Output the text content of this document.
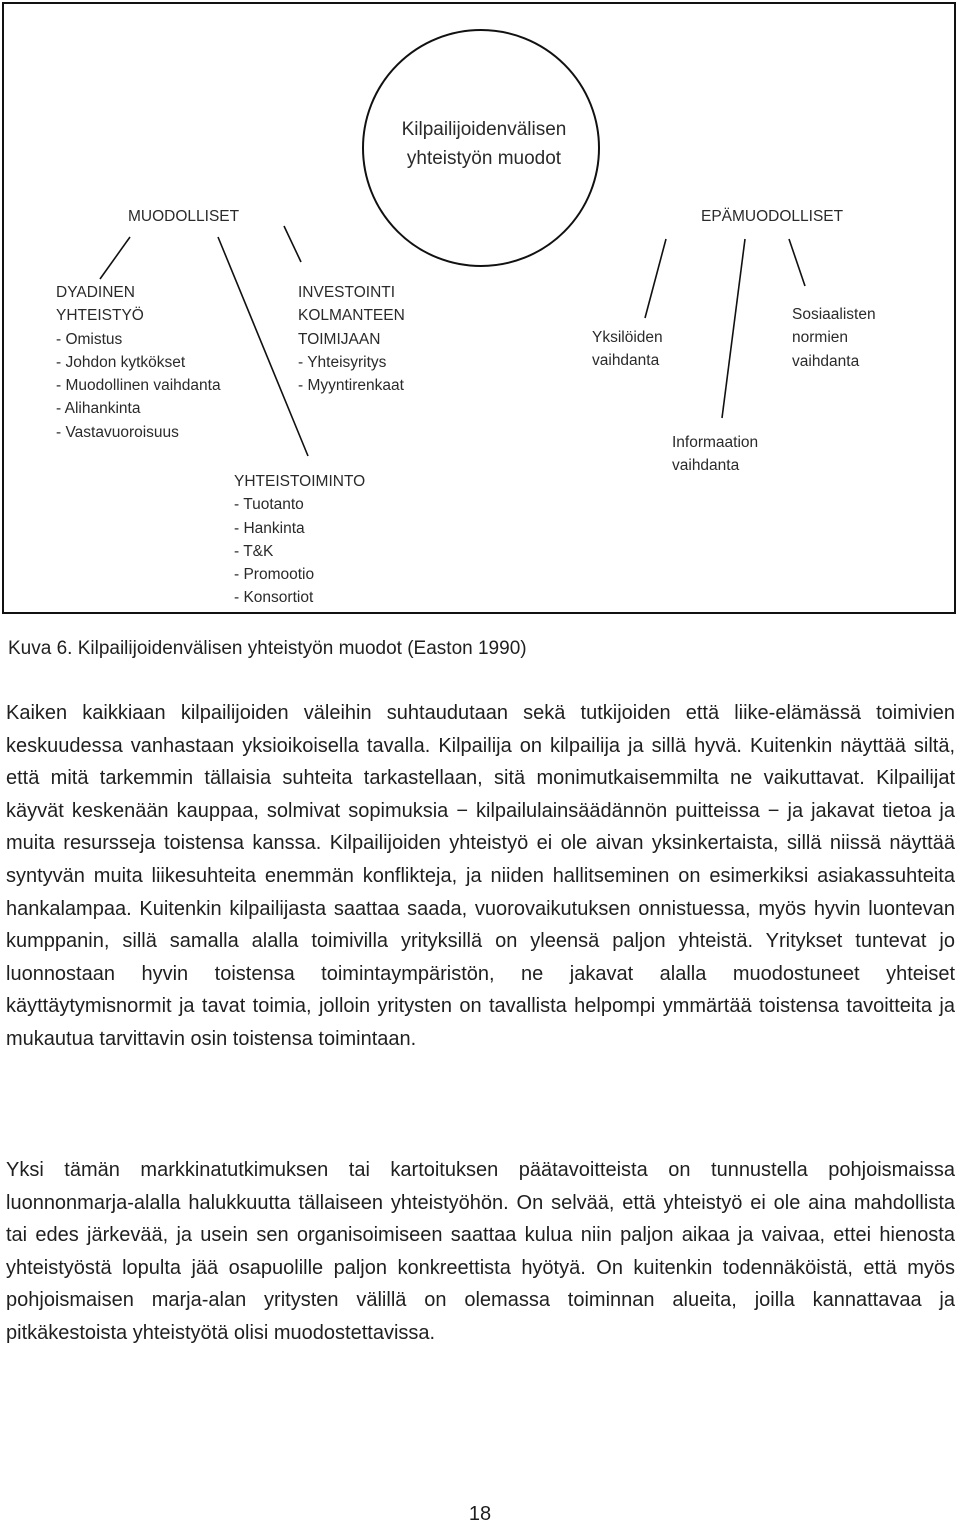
Kilpailijoidenvälisen yhteistyön muodot
MUODOLLISET	EPÄMUODOLLISET
DYADINEN
YHTEISTYÖ
- Omistus
- Johdon kytkökset
- Muodollinen vaihdanta
- Alihankinta
- Vastavuoroisuus
INVESTOINTI
KOLMANTEEN
TOIMIJAAN
- Yhteisyritys
- Myyntirenkaat
YHTEISTOIMINTO
- Tuotanto
- Hankinta
- T&K
- Promootio
- Konsortiot
Yksilöiden
vaihdanta
Informaation
vaihdanta
Sosiaalisten
normien
vaihdanta
Kuva 6. Kilpailijoidenvälisen yhteistyön muodot (Easton 1990)

Kaiken kaikkiaan kilpailijoiden väleihin suhtaudutaan sekä tutkijoiden että liike-elämässä toimivien keskuudessa vanhastaan yksioikoisella tavalla. Kilpailija on kilpailija ja sillä hyvä. Kuitenkin näyttää siltä, että mitä tarkemmin tällaisia suhteita tarkastellaan, sitä monimutkaisemmilta ne vaikuttavat. Kilpailijat käyvät keskenään kauppaa, solmivat sopimuksia − kilpailulainsäädännön puitteissa − ja jakavat tietoa ja muita resursseja toistensa kanssa. Kilpailijoiden yhteistyö ei ole aivan yksinkertaista, sillä niissä näyttää syntyvän muita liikesuhteita enemmän konflikteja, ja niiden hallitseminen on esimerkiksi asiakassuhteita hankalampaa. Kuitenkin kilpailijasta saattaa saada, vuorovaikutuksen onnistuessa, myös hyvin luontevan kumppanin, sillä samalla alalla toimivilla yrityksillä on yleensä paljon yhteistä. Yritykset tuntevat jo luonnostaan hyvin toistensa toimintaympäristön, ne jakavat alalla muodostuneet yhteiset käyttäytymisnormit ja tavat toimia, jolloin yritysten on tavallista helpompi ymmärtää toistensa tavoitteita ja mukautua tarvittavin osin toistensa toimintaan.

Yksi tämän markkinatutkimuksen tai kartoituksen päätavoitteista on tunnustella pohjoismaissa luonnonmarja-alalla halukkuutta tällaiseen yhteistyöhön. On selvää, että yhteistyö ei ole aina mahdollista tai edes järkevää, ja usein sen organisoimiseen saattaa kulua niin paljon aikaa ja vaivaa, ettei hienosta yhteistyöstä lopulta jää osapuolille paljon konkreettista hyötyä. On kuitenkin todennäköistä, että myös pohjoismaisen marja-alan yritysten välillä on olemassa toiminnan alueita, joilla kannattavaa ja pitkäkestoista yhteistyötä olisi muodostettavissa.

18
